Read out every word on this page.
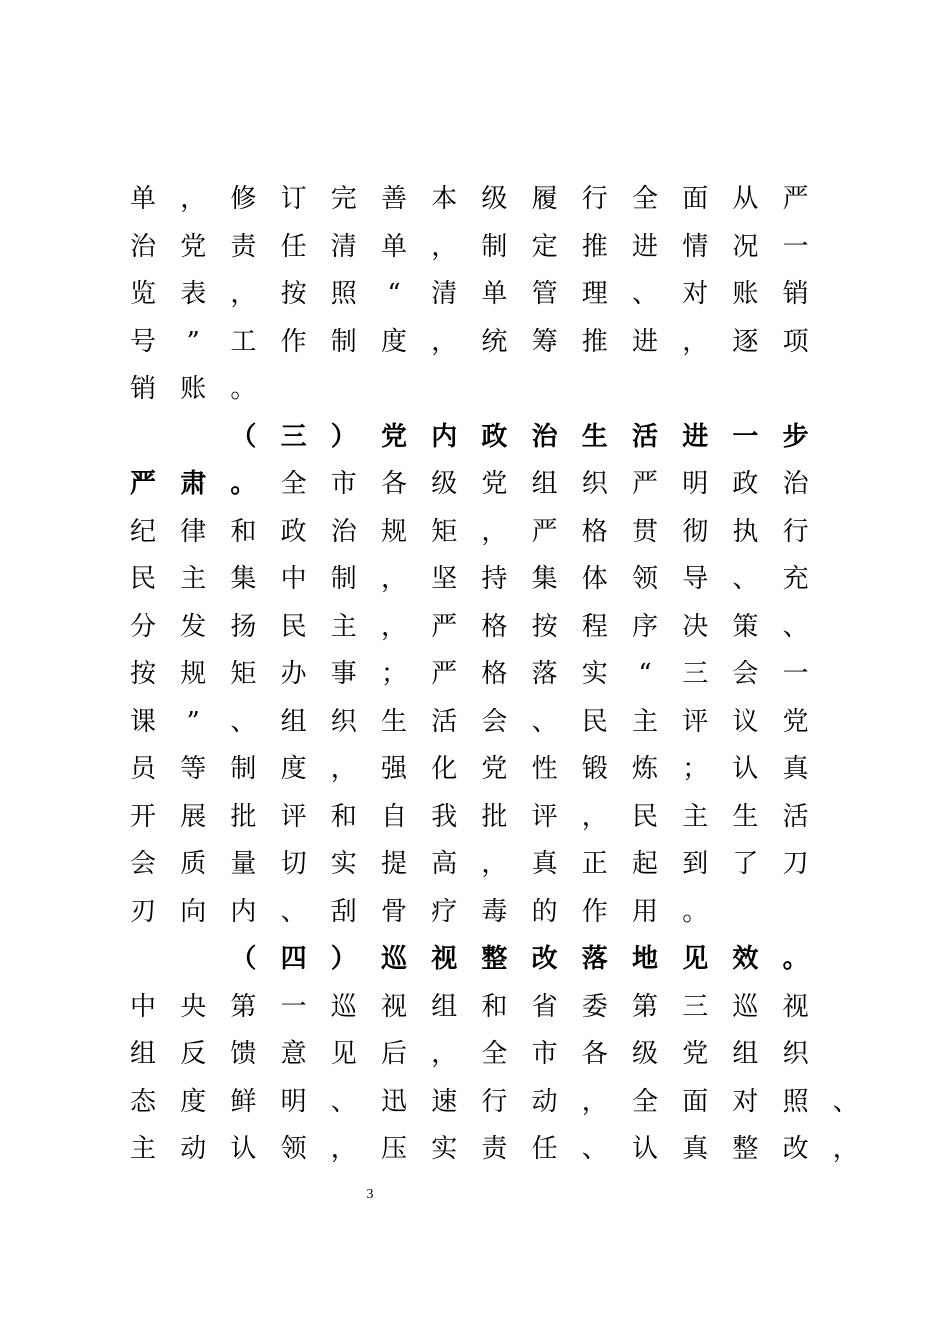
单 ， 修 订 完 善 本 级 履 行 全 面 从 严
治 党 责 任 清 单 ， 制 定 推 进 情 况 一
览 表 ， 按 照 “ 清 单 管 理 、 对 账 销
号 ” 工 作 制 度 ， 统 筹 推 进 ， 逐 项
销 账 。
（ 三 ） 党 内 政 治 生 活 进 一 步
严 肃 。 全 市 各 级 党 组 织 严 明 政 治
纪 律 和 政 治 规 矩 ， 严 格 贯 彻 执 行
民 主 集 中 制 ， 坚 持 集 体 领 导 、 充
分 发 扬 民 主 ， 严 格 按 程 序 决 策 、
按 规 矩 办 事 ； 严 格 落 实 “ 三 会 一
课 ” 、 组 织 生 活 会 、 民 主 评 议 党
员 等 制 度 ， 强 化 党 性 锻 炼 ； 认 真
开 展 批 评 和 自 我 批 评 ， 民 主 生 活
会 质 量 切 实 提 高 ， 真 正 起 到 了 刀
刃 向 内 、 刮 骨 疗 毒 的 作 用 。
（ 四 ） 巡 视 整 改 落 地 见 效 。
中 央 第 一 巡 视 组 和 省 委 第 三 巡 视
组 反 馈 意 见 后 ， 全 市 各 级 党 组 织
态 度 鲜 明 、 迅 速 行 动 ， 全 面 对 照 、
主 动 认 领 ， 压 实 责 任 、 认 真 整 改 ，
3
